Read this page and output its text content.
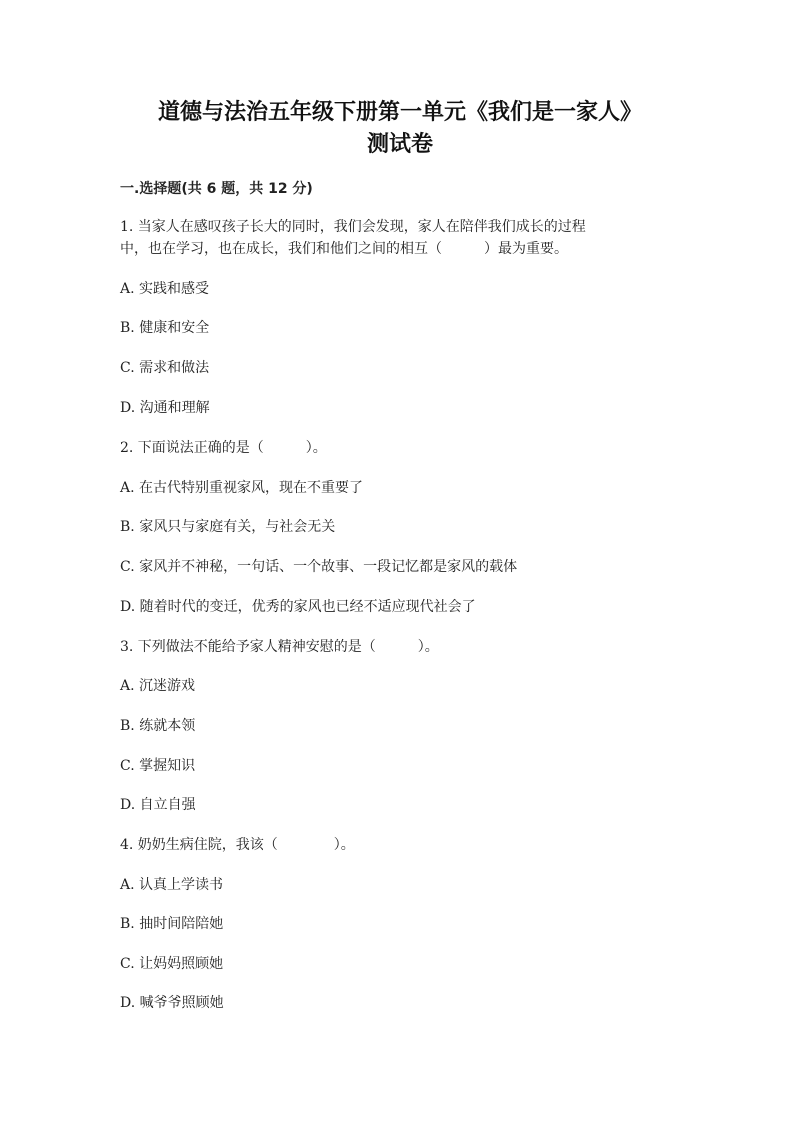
道德与法治五年级下册第一单元《我们是一家人》
测试卷
一.选择题(共 6 题，共 12 分)
1. 当家人在感叹孩子长大的同时，我们会发现，家人在陪伴我们成长的过程
中，也在学习，也在成长，我们和他们之间的相互（　　　）最为重要。
A. 实践和感受
B. 健康和安全
C. 需求和做法
D. 沟通和理解
2. 下面说法正确的是（　　　）。
A. 在古代特别重视家风，现在不重要了
B. 家风只与家庭有关，与社会无关
C. 家风并不神秘，一句话、一个故事、一段记忆都是家风的载体
D. 随着时代的变迁，优秀的家风也已经不适应现代社会了
3. 下列做法不能给予家人精神安慰的是（　　　）。
A. 沉迷游戏
B. 练就本领
C. 掌握知识
D. 自立自强
4. 奶奶生病住院，我该（　　　　）。
A. 认真上学读书
B. 抽时间陪陪她
C. 让妈妈照顾她
D. 喊爷爷照顾她
